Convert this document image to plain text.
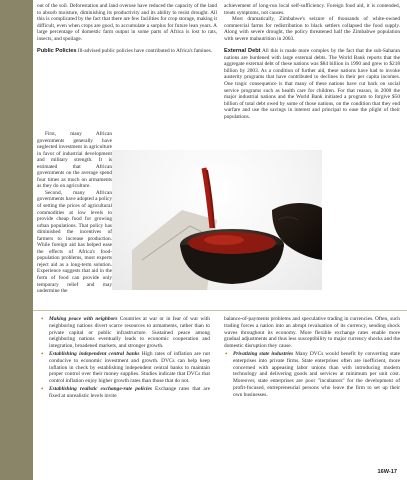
out of the soil. Deforestation and land overuse have reduced the capacity of the land to absorb moisture, diminishing its productivity and its ability to resist drought. All this is complicated by the fact that there are few facilities for crop storage, making it difficult, even when crops are good, to accumulate a surplus for future lean years. A large percentage of domestic farm output in some parts of Africa is lost to rats, insects, and spoilage.

Public Policies Ill-advised public policies have contributed to Africa's famines.

First, many African governments generally have neglected investment in agriculture in favor of industrial development and military strength. It is estimated that African governments on the average spend four times as much on armaments as they do on agriculture.

Second, many African governments have adopted a policy of setting the prices of agricultural commodities at low levels to provide cheap food for growing urban populations. That policy has diminished the incentives of farmers to increase production. While foreign aid has helped ease the effects of Africa's food-population problems, most experts reject aid as a long-term solution. Experience suggests that aid in the form of food can provide only temporary relief and may undermine the

achievement of long-run local self-sufficiency. Foreign food aid, it is contended, treats symptoms, not causes.

Most dramatically, Zimbabwe's seizure of thousands of white-owned commercial farms for redistribution to black settlers collapsed the food supply. Along with severe drought, the policy threatened half the Zimbabwe population with severe malnutrition in 2003.

External Debt All this is made more complex by the fact that the sub-Saharan nations are burdened with large external debts. The World Bank reports that the aggregate external debt of these nations was $84 billion in 1990 and grew to $218 billion by 2003. As a condition of further aid, these nations have had to invoke austerity programs that have contributed to declines in their per capita incomes. One tragic consequence is that many of these nations have cut back on social service programs such as health care for children. For that reason, in 2000 the major industrial nations and the World Bank initiated a program to forgive $50 billion of total debt owed by some of those nations, on the condition that they end warfare and use the savings in interest and principal to ease the plight of their populations.

• Making peace with neighbors Countries at war or in fear of war with neighboring nations divert scarce resources to armaments, rather than to private capital or public infrastructure. Sustained peace among neighboring nations eventually leads to economic cooperation and integration, broadened markets, and stronger growth.
• Establishing independent central banks High rates of inflation are not conducive to economic investment and growth. DVCs can help keep inflation in check by establishing independent central banks to maintain proper control over their money supplies. Studies indicate that DVCs that control inflation enjoy higher growth rates than those that do not.
• Establishing realistic exchange-rate policies Exchange rates that are fixed at unrealistic levels invite
balance-of-payments problems and speculative trading in currencies. Often, such trading forces a nation into an abrupt revaluation of its currency, sending shock waves throughout its economy. More flexible exchange rates enable more gradual adjustments and thus less susceptibility to major currency shocks and the domestic disruption they cause.
• Privatizing state industries Many DVCs would benefit by converting state enterprises into private firms. State enterprises often are inefficient, more concerned with appeasing labor unions than with introducing modern technology and delivering goods and services at minimum per unit cost. Moreover, state enterprises are poor "incubators" for the development of profit-focused, entrepreneurial persons who leave the firm to set up their own businesses.
16W-17
